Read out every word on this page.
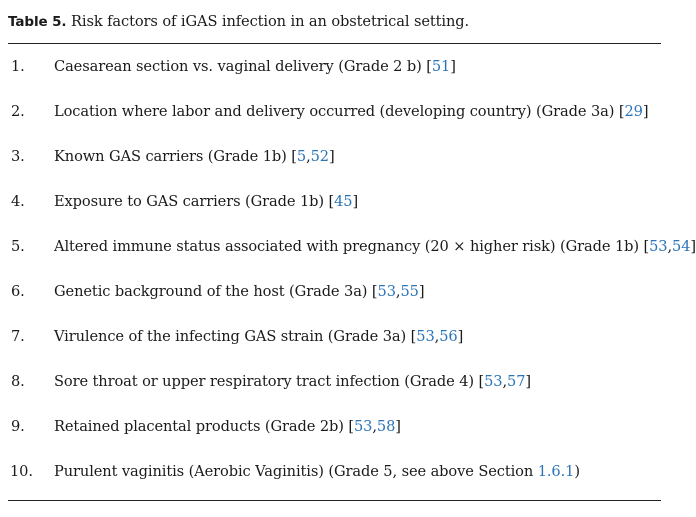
Table 5. Risk factors of iGAS infection in an obstetrical setting.
1.	Caesarean section vs. vaginal delivery (Grade 2 b) [51]
2.	Location where labor and delivery occurred (developing country) (Grade 3a) [29]
3.	Known GAS carriers (Grade 1b) [5,52]
4.	Exposure to GAS carriers (Grade 1b) [45]
5.	Altered immune status associated with pregnancy (20 × higher risk) (Grade 1b) [53,54]
6.	Genetic background of the host (Grade 3a) [53,55]
7.	Virulence of the infecting GAS strain (Grade 3a) [53,56]
8.	Sore throat or upper respiratory tract infection (Grade 4) [53,57]
9.	Retained placental products (Grade 2b) [53,58]
10.	Purulent vaginitis (Aerobic Vaginitis) (Grade 5, see above Section 1.6.1)
